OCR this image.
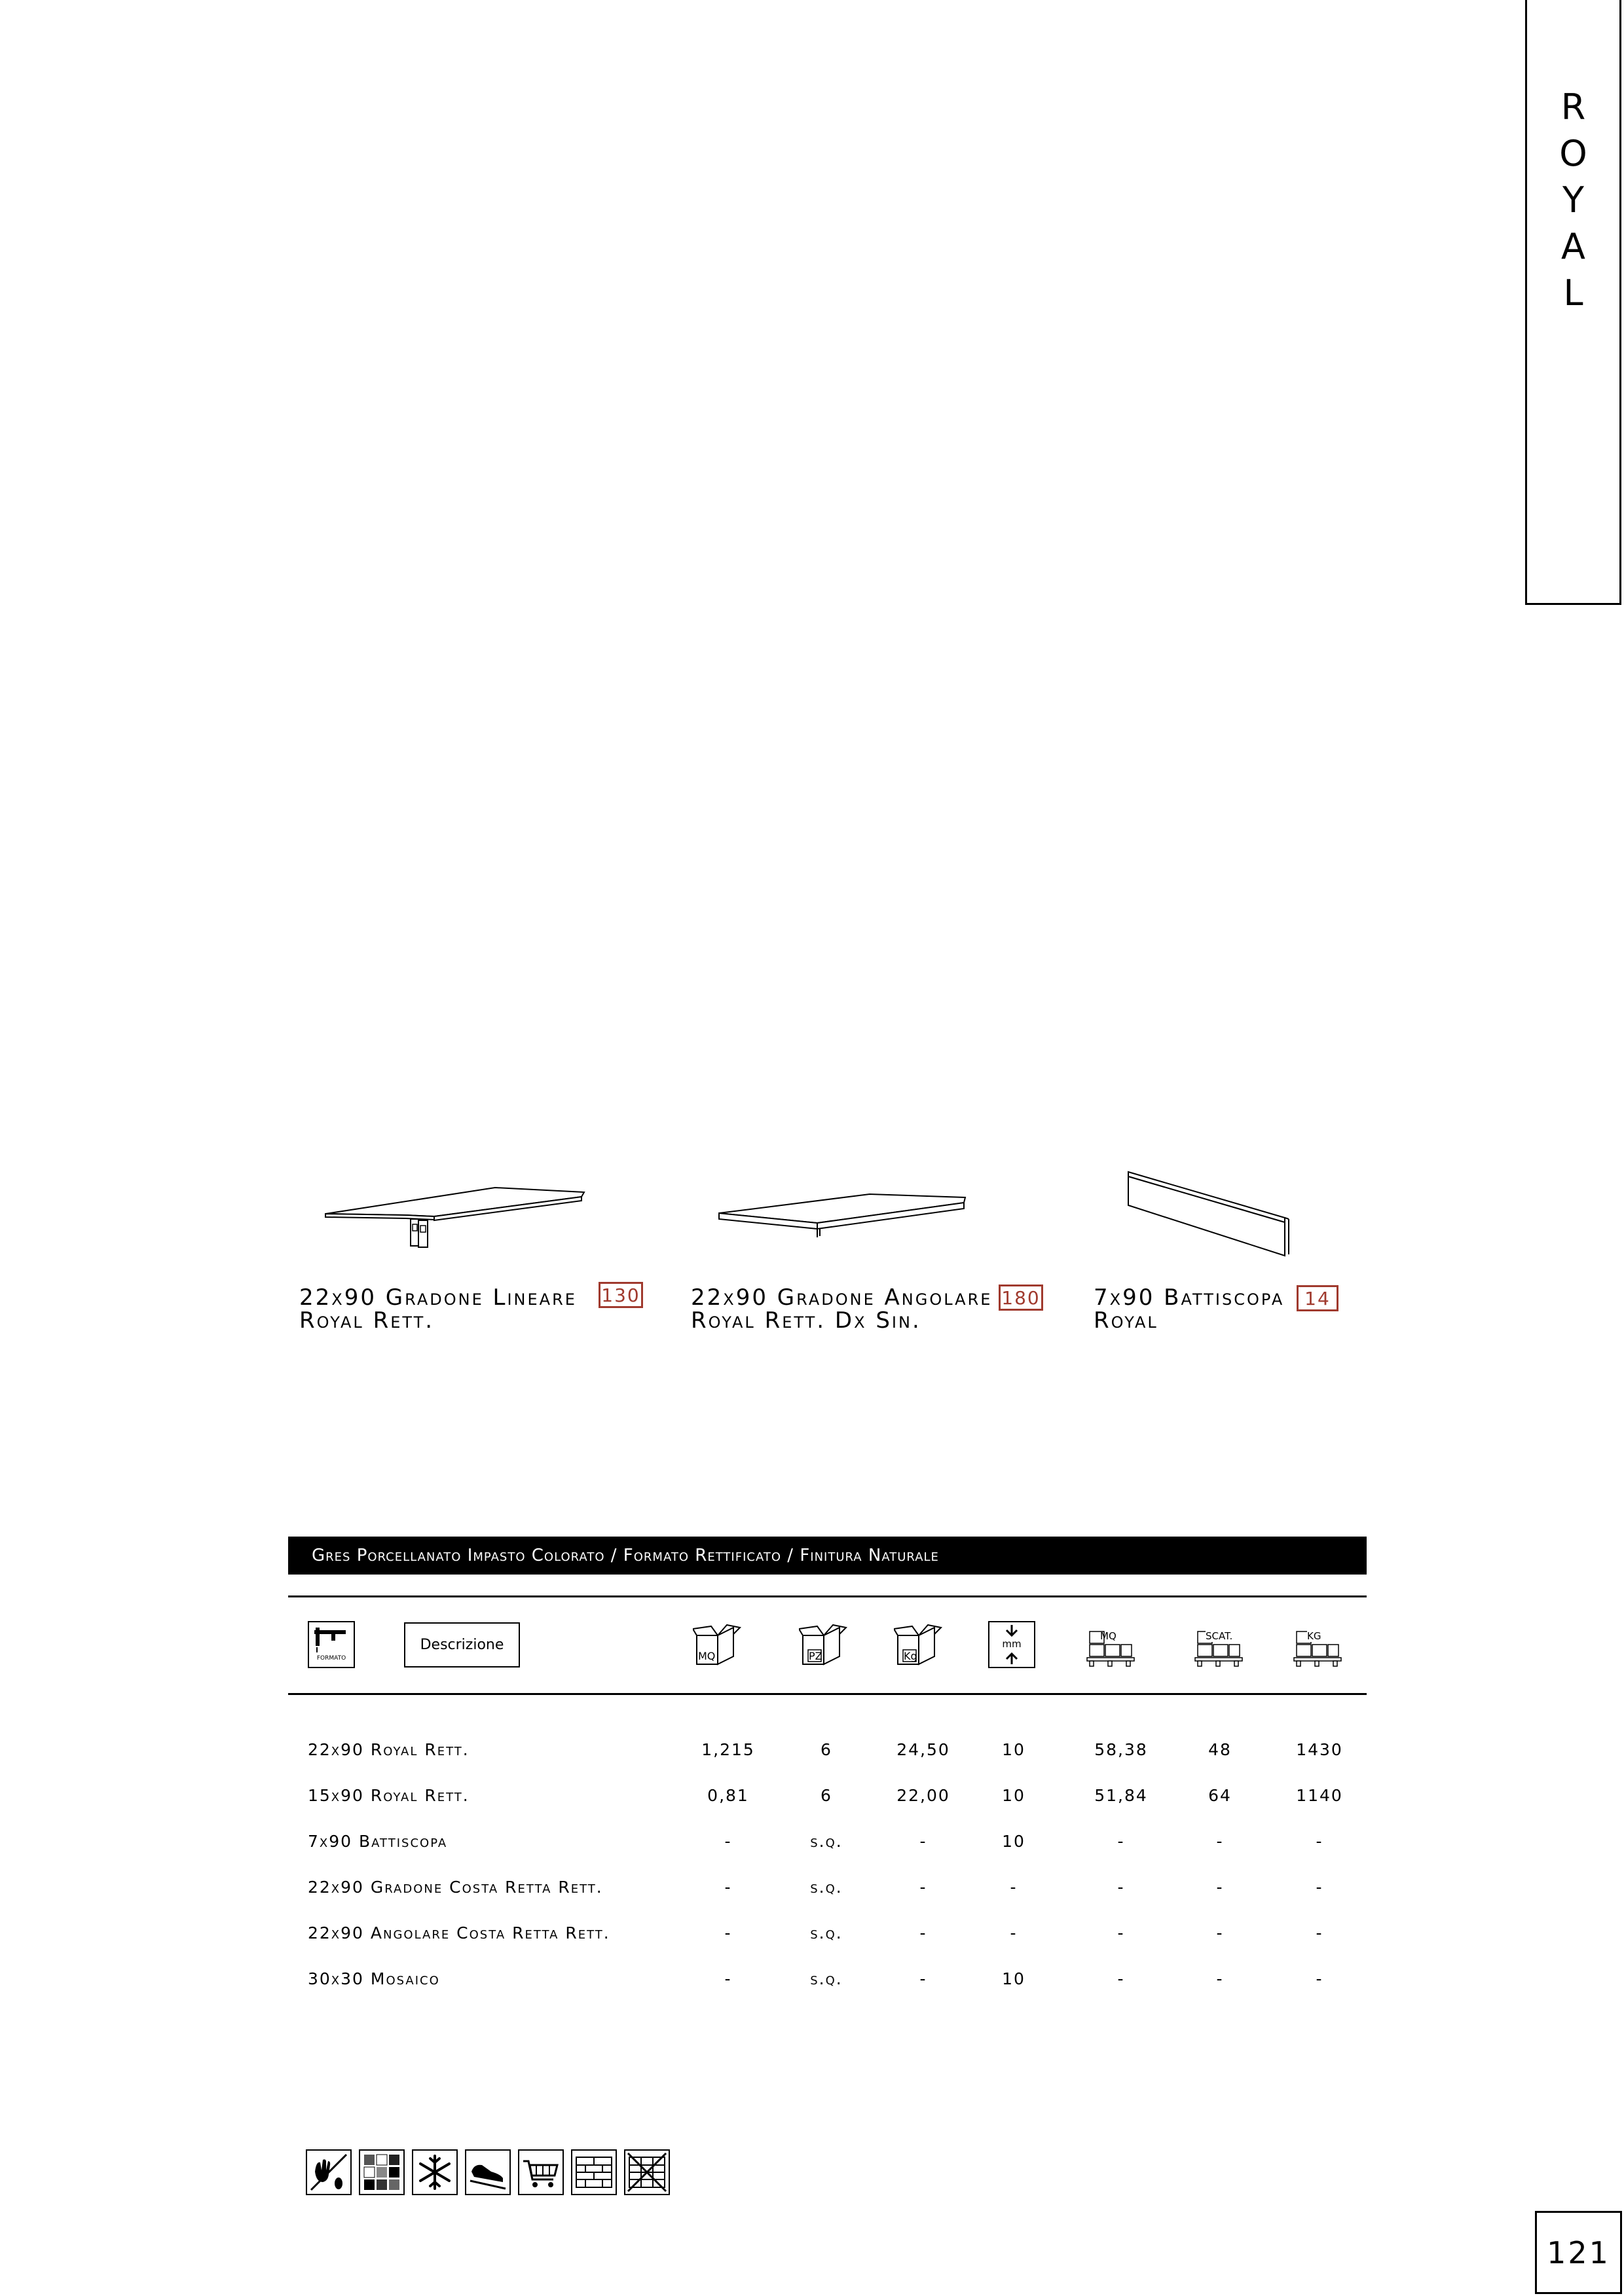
R
O
Y
A
L
22x90 Gradone Lineare
Royal Rett.
130 22x90 Gradone Angolare
Royal Rett. Dx Sin.
180 7x90 Battiscopa
Royal
14
Gres Porcellanato Impasto Colorato / Formato Rettificato / Finitura Naturale
FORMATO
Descrizione
MQ	PZ	Kg
mm
MQ	SCAT.	KG
22x90 Royal Rett.	1,215	6	24,50	10	58,38	48	1430
15x90 Royal Rett.	0,81	6	22,00	10	51,84	64	1140
7x90 Battiscopa	-	s.q.	-	10	-	-	-
22x90 Gradone Costa Retta Rett.	-	s.q.	-	-	-	-	-
22x90 Angolare Costa Retta Rett.	-	s.q.	-	-	-	-	-
30x30 Mosaico	-	s.q.	-	10	-	-	-
121
